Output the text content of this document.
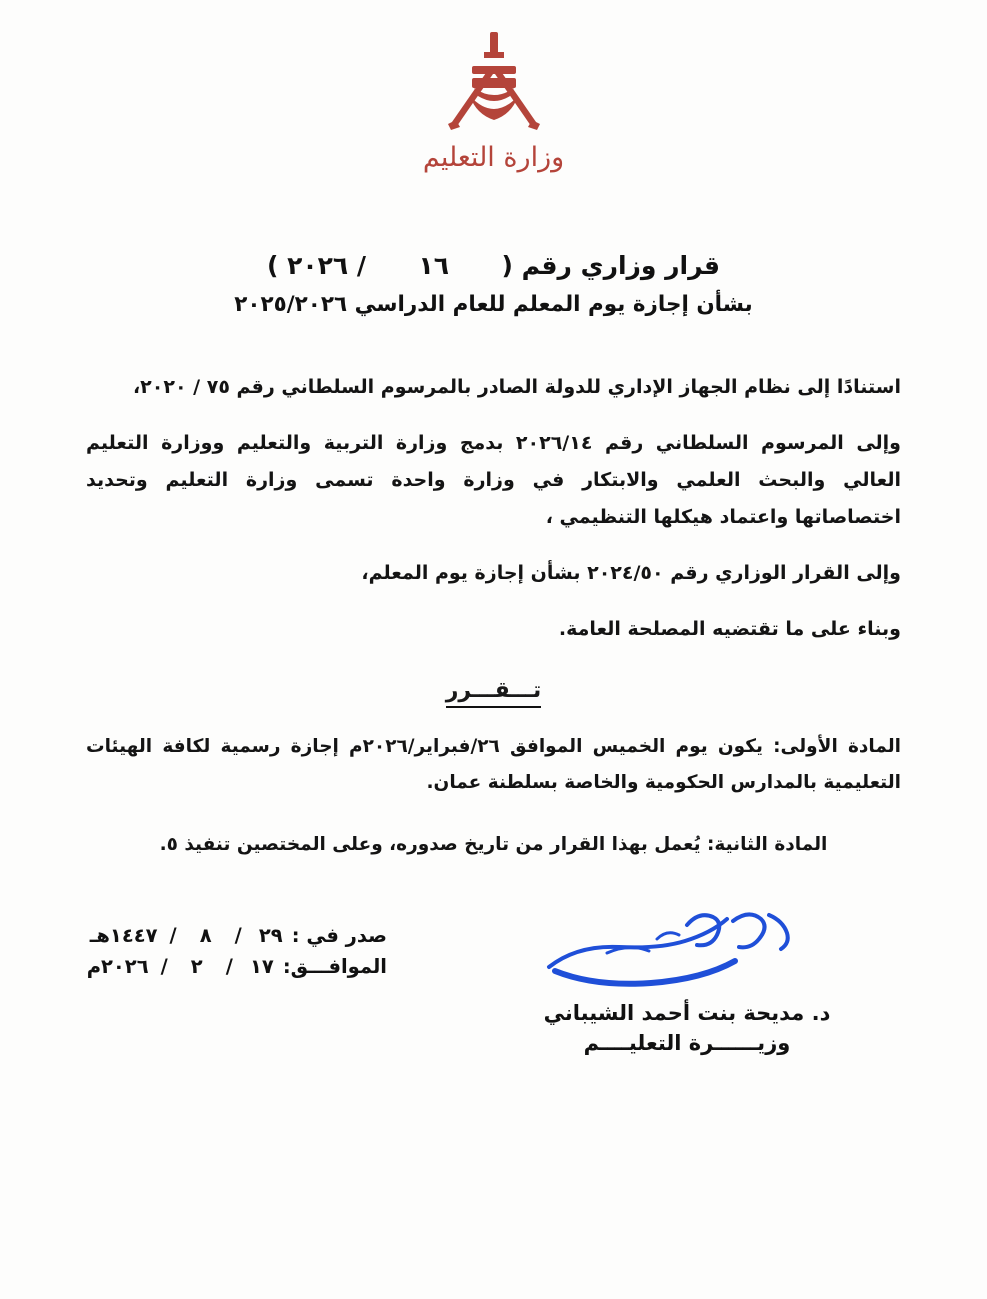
وزارة التعليم
قرار وزاري رقم ( ١٦ / ٢٠٢٦ )
بشأن إجازة يوم المعلم للعام الدراسي ٢٠٢٥/٢٠٢٦

استنادًا إلى نظام الجهاز الإداري للدولة الصادر بالمرسوم السلطاني رقم ٧٥ / ٢٠٢٠،

وإلى المرسوم السلطاني رقم ٢٠٢٦/١٤ بدمج وزارة التربية والتعليم ووزارة التعليم العالي والبحث العلمي والابتكار في وزارة واحدة تسمى وزارة التعليم وتحديد اختصاصاتها واعتماد هيكلها التنظيمي ،

وإلى القرار الوزاري رقم ٢٠٢٤/٥٠ بشأن إجازة يوم المعلم،

وبناء على ما تقتضيه المصلحة العامة.

تـــقـــرر

المادة الأولى: يكون يوم الخميس الموافق ٢٦/فبراير/٢٠٢٦م إجازة رسمية لكافة الهيئات التعليمية بالمدارس الحكومية والخاصة بسلطنة عمان.

المادة الثانية: يُعمل بهذا القرار من تاريخ صدوره، وعلى المختصين تنفيذ ٥.

صدر في :
٢٩
/
٨
/
١٤٤٧هـ
الموافـــق:
١٧
/
٢
/
٢٠٢٦م
د. مديحة بنت أحمد الشيباني
وزيــــــرة التعليــــم
